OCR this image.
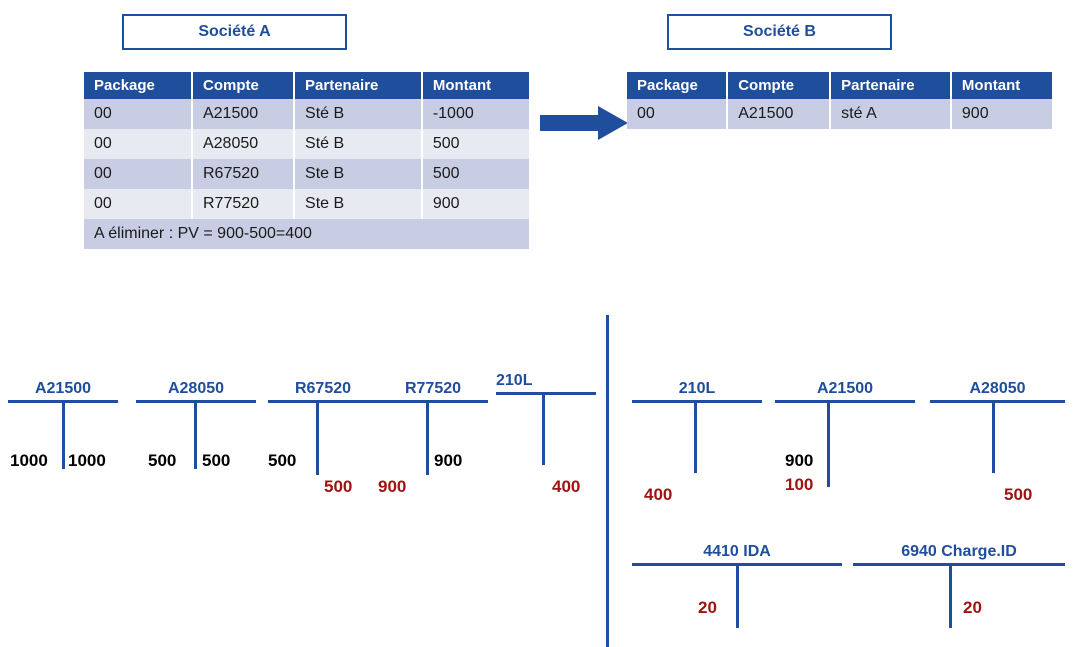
Société A	Société B
Package	Compte	Partenaire	Montant
00	A21500	Sté B	-1000
00	A28050	Sté B	500
00	R67520	Ste B	500
00	R77520	Ste B	900
A éliminer : PV = 900-500=400			
Package	Compte	Partenaire	Montant
00	A21500	sté A	900
A21500
1000 1000
A28050
500 500
R67520
500
500
R77520
900
900
210L
400
210L
400
A21500
900
100
A28050
500
4410 IDA
20
6940 Charge.ID
20
